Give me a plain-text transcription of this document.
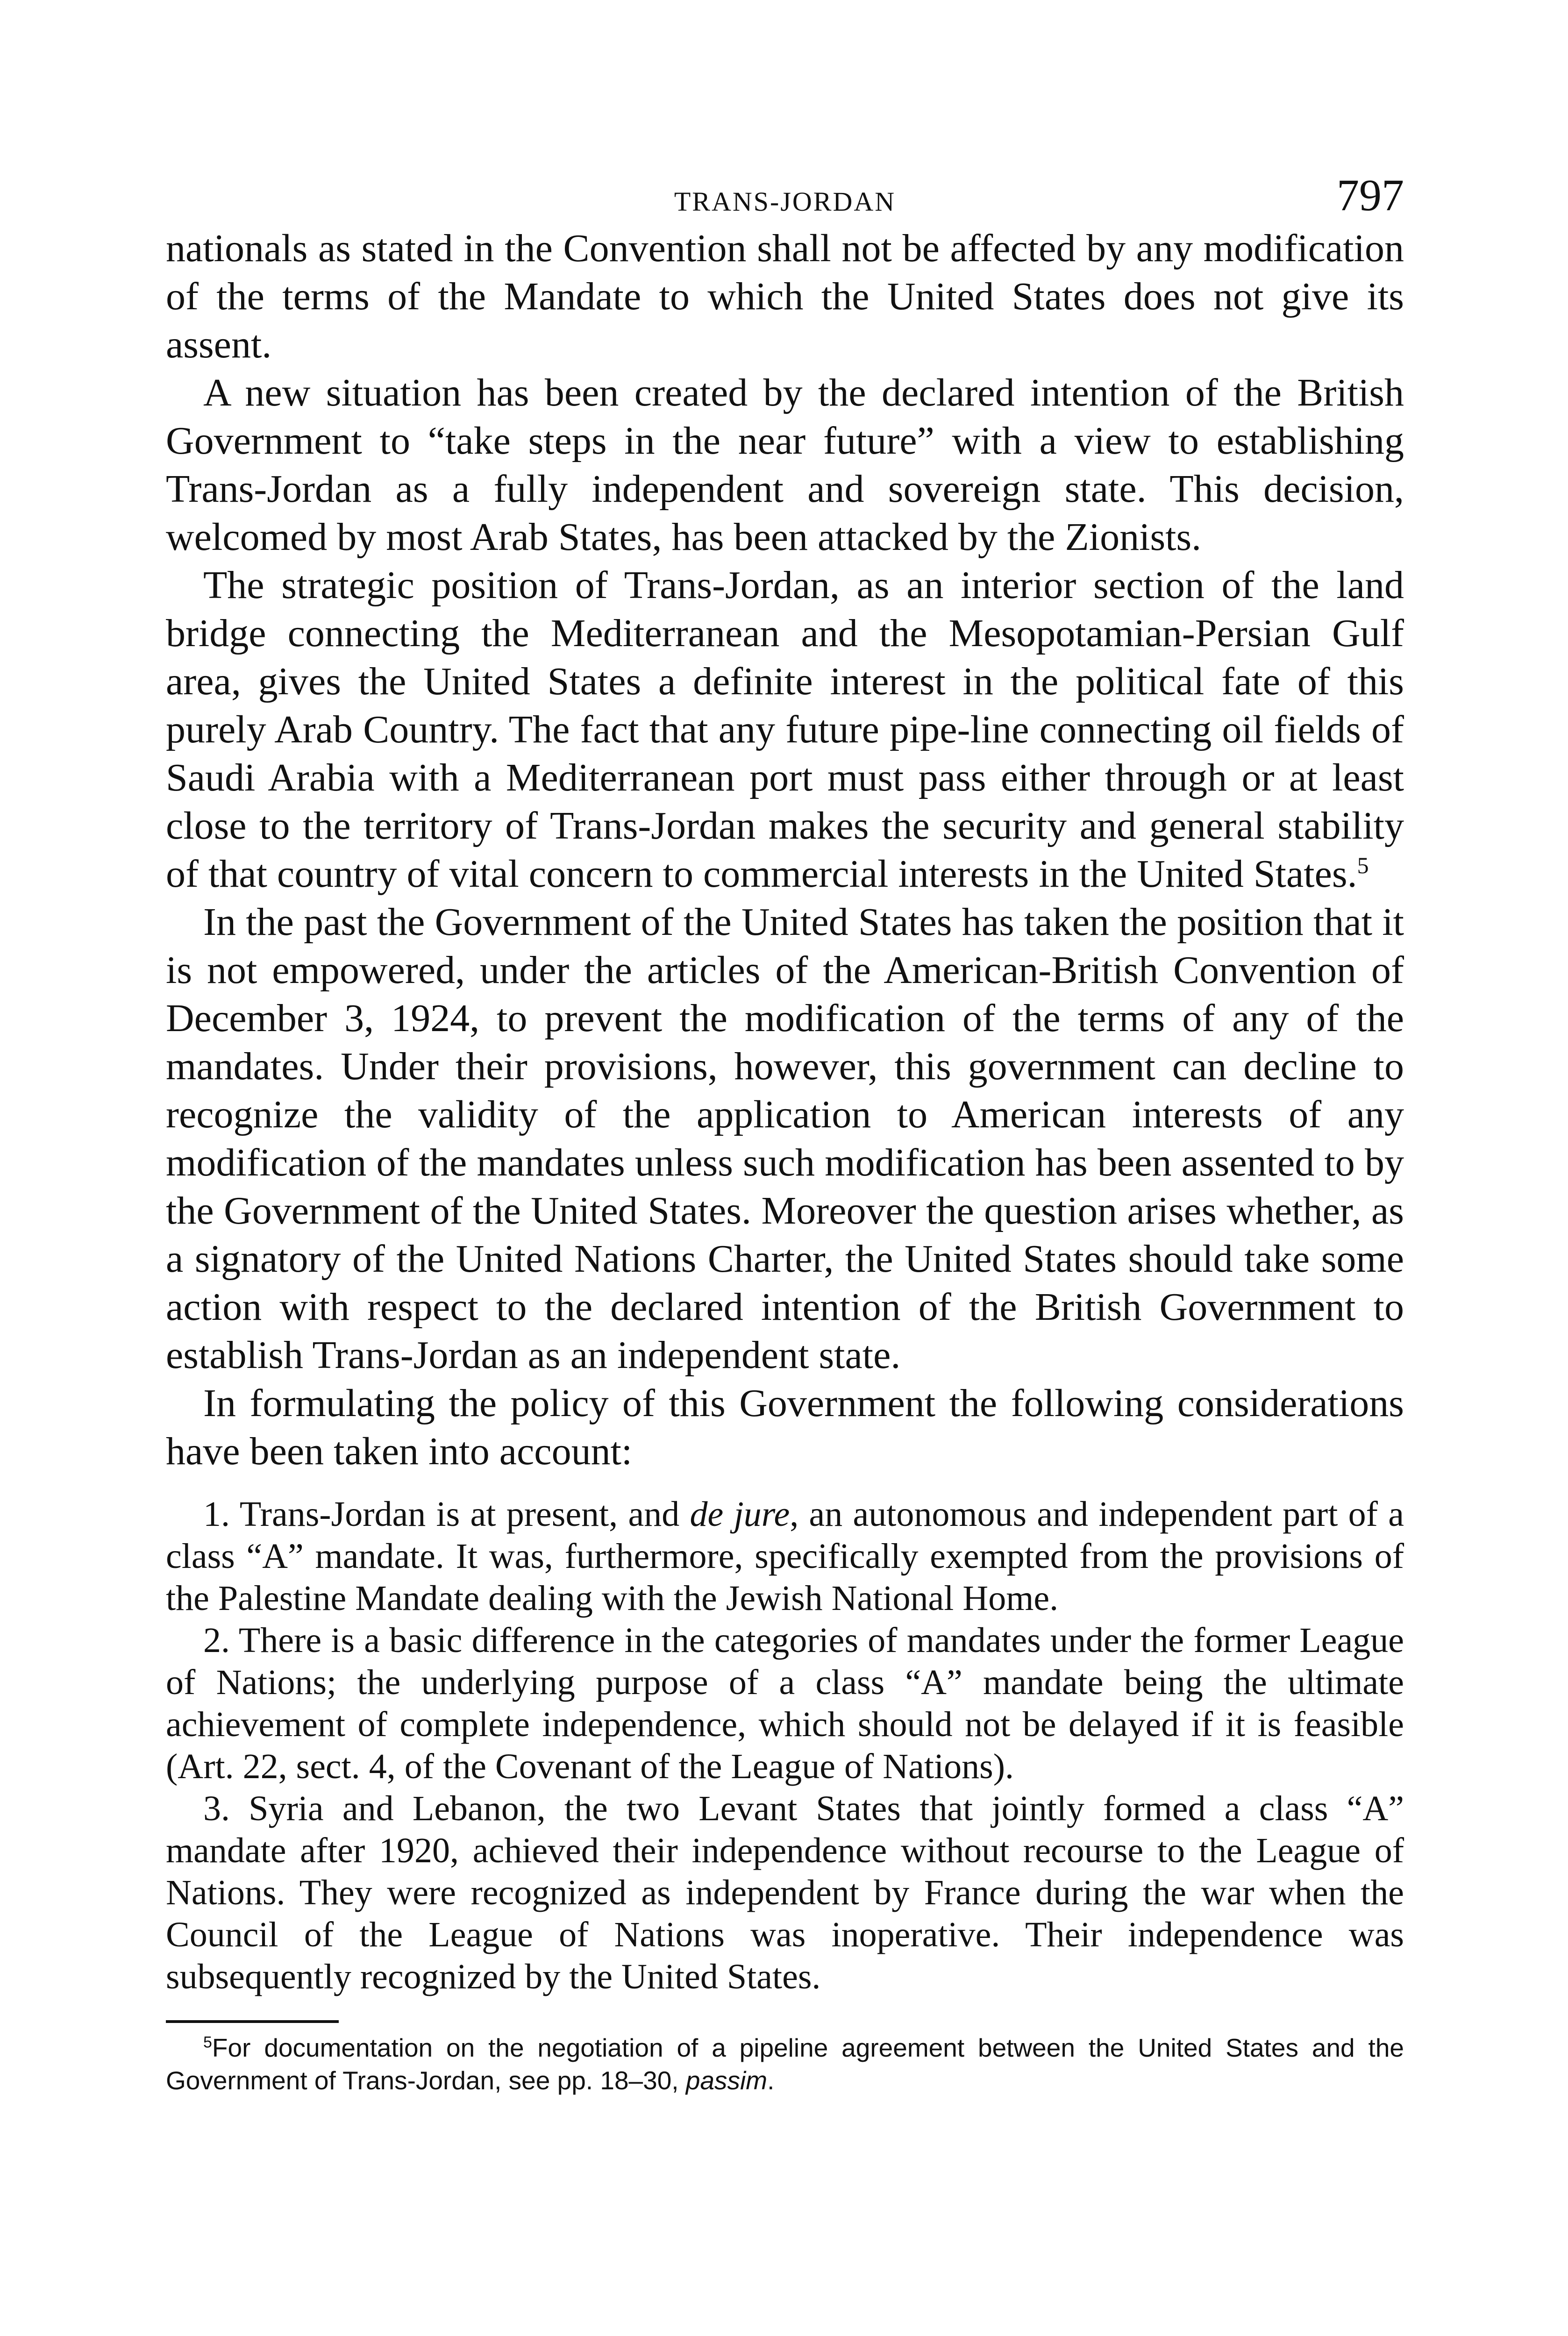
TRANS-JORDAN	797

nationals as stated in the Convention shall not be affected by any modification of the terms of the Mandate to which the United States does not give its assent.

A new situation has been created by the declared intention of the British Government to “take steps in the near future” with a view to establishing Trans-Jordan as a fully independent and sovereign state. This decision, welcomed by most Arab States, has been attacked by the Zionists.

The strategic position of Trans-Jordan, as an interior section of the land bridge connecting the Mediterranean and the Mesopotamian-Persian Gulf area, gives the United States a definite interest in the political fate of this purely Arab Country. The fact that any future pipe-line connecting oil fields of Saudi Arabia with a Mediterranean port must pass either through or at least close to the territory of Trans-Jordan makes the security and general stability of that country of vital concern to commercial interests in the United States.$^5$

In the past the Government of the United States has taken the position that it is not empowered, under the articles of the American-British Convention of December 3, 1924, to prevent the modification of the terms of any of the mandates. Under their provisions, however, this government can decline to recognize the validity of the application to American interests of any modification of the mandates unless such modification has been assented to by the Government of the United States. Moreover the question arises whether, as a signatory of the United Nations Charter, the United States should take some action with respect to the declared intention of the British Government to establish Trans-Jordan as an independent state.

In formulating the policy of this Government the following considerations have been taken into account:

1. Trans-Jordan is at present, and de jure, an autonomous and independent part of a class “A” mandate. It was, furthermore, specifically exempted from the provisions of the Palestine Mandate dealing with the Jewish National Home.

2. There is a basic difference in the categories of mandates under the former League of Nations; the underlying purpose of a class “A” mandate being the ultimate achievement of complete independence, which should not be delayed if it is feasible (Art. 22, sect. 4, of the Covenant of the League of Nations).

3. Syria and Lebanon, the two Levant States that jointly formed a class “A” mandate after 1920, achieved their independence without recourse to the League of Nations. They were recognized as independent by France during the war when the Council of the League of Nations was inoperative. Their independence was subsequently recognized by the United States.

$^5$For documentation on the negotiation of a pipeline agreement between the United States and the Government of Trans-Jordan, see pp. 18–30, passim.
